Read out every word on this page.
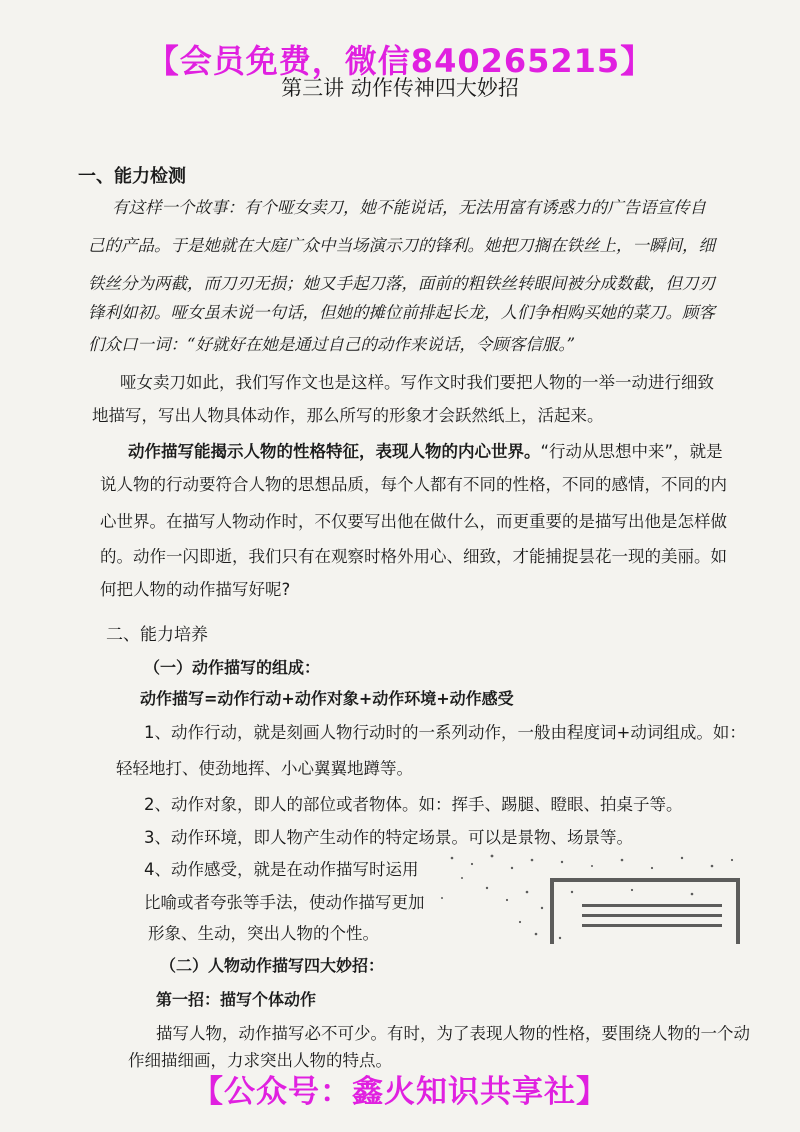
【会员免费，微信840265215】
第三讲 动作传神四大妙招
一、能力检测
有这样一个故事：有个哑女卖刀，她不能说话，无法用富有诱惑力的广告语宣传自
己的产品。于是她就在大庭广众中当场演示刀的锋利。她把刀搁在铁丝上，一瞬间，细
铁丝分为两截，而刀刃无损；她又手起刀落，面前的粗铁丝转眼间被分成数截，但刀刃
锋利如初。哑女虽未说一句话，但她的摊位前排起长龙，人们争相购买她的菜刀。顾客
们众口一词：“好就好在她是通过自己的动作来说话，令顾客信服。”
哑女卖刀如此，我们写作文也是这样。写作文时我们要把人物的一举一动进行细致
地描写，写出人物具体动作，那么所写的形象才会跃然纸上，活起来。
动作描写能揭示人物的性格特征，表现人物的内心世界。“行动从思想中来”，就是
说人物的行动要符合人物的思想品质，每个人都有不同的性格，不同的感情，不同的内
心世界。在描写人物动作时，不仅要写出他在做什么，而更重要的是描写出他是怎样做
的。动作一闪即逝，我们只有在观察时格外用心、细致，才能捕捉昙花一现的美丽。如
何把人物的动作描写好呢?
二、能力培养
（一）动作描写的组成：
动作描写=动作行动+动作对象+动作环境+动作感受
1、动作行动，就是刻画人物行动时的一系列动作，一般由程度词+动词组成。如：
轻轻地打、使劲地挥、小心翼翼地蹲等。
2、动作对象，即人的部位或者物体。如：挥手、踢腿、瞪眼、拍桌子等。
3、动作环境，即人物产生动作的特定场景。可以是景物、场景等。
4、动作感受，就是在动作描写时运用
比喻或者夸张等手法，使动作描写更加
形象、生动，突出人物的个性。
（二）人物动作描写四大妙招：
第一招：描写个体动作
描写人物，动作描写必不可少。有时，为了表现人物的性格，要围绕人物的一个动
作细描细画，力求突出人物的特点。
【公众号：鑫火知识共享社】
